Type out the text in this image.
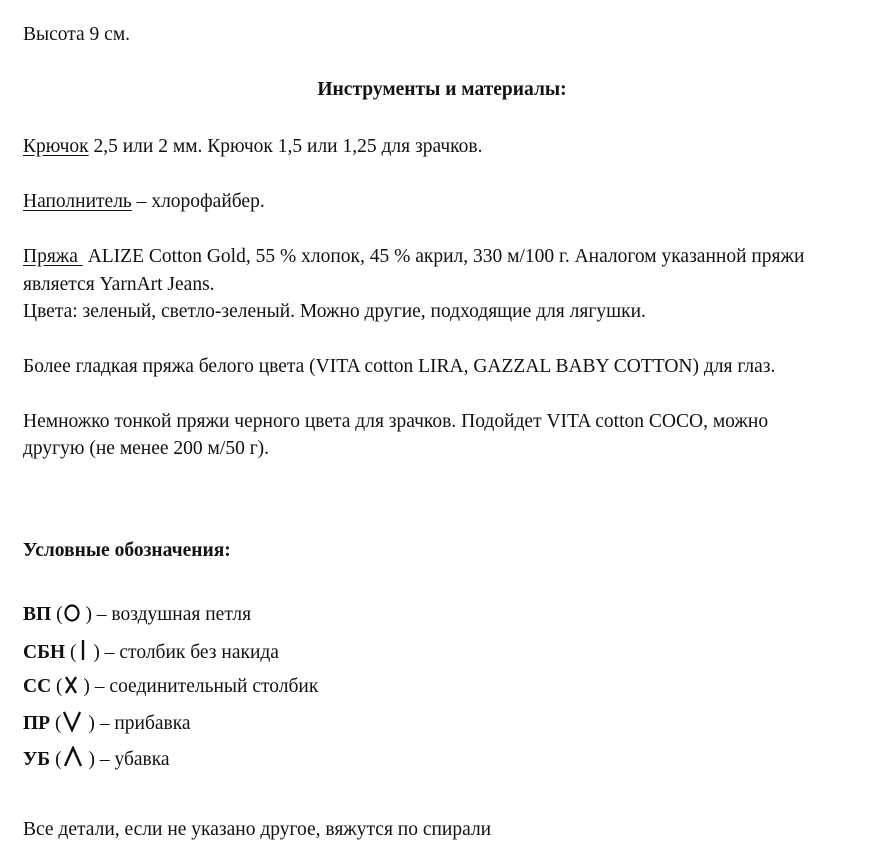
Высота 9 см.
Инструменты и материалы:
Крючок 2,5 или 2 мм. Крючок 1,5 или 1,25 для зрачков.
Наполнитель – хлорофайбер.
Пряжа  ALIZE Cotton Gold, 55 % хлопок, 45 % акрил, 330 м/100 г. Аналогом указанной пряжи
является YarnArt Jeans.
Цвета: зеленый, светло-зеленый. Можно другие, подходящие для лягушки.
Более гладкая пряжа белого цвета (VITA cotton LIRA, GAZZAL BABY COTTON) для глаз.
Немножко тонкой пряжи черного цвета для зрачков. Подойдет VITA cotton COCO, можно
другую (не менее 200 м/50 г).
Условные обозначения:
ВП ( ) – воздушная петля
СБН ( ) – столбик без накида
СС ( ) – соединительный столбик
ПР ( ) – прибавка
УБ ( ) – убавка
Все детали, если не указано другое, вяжутся по спирали
